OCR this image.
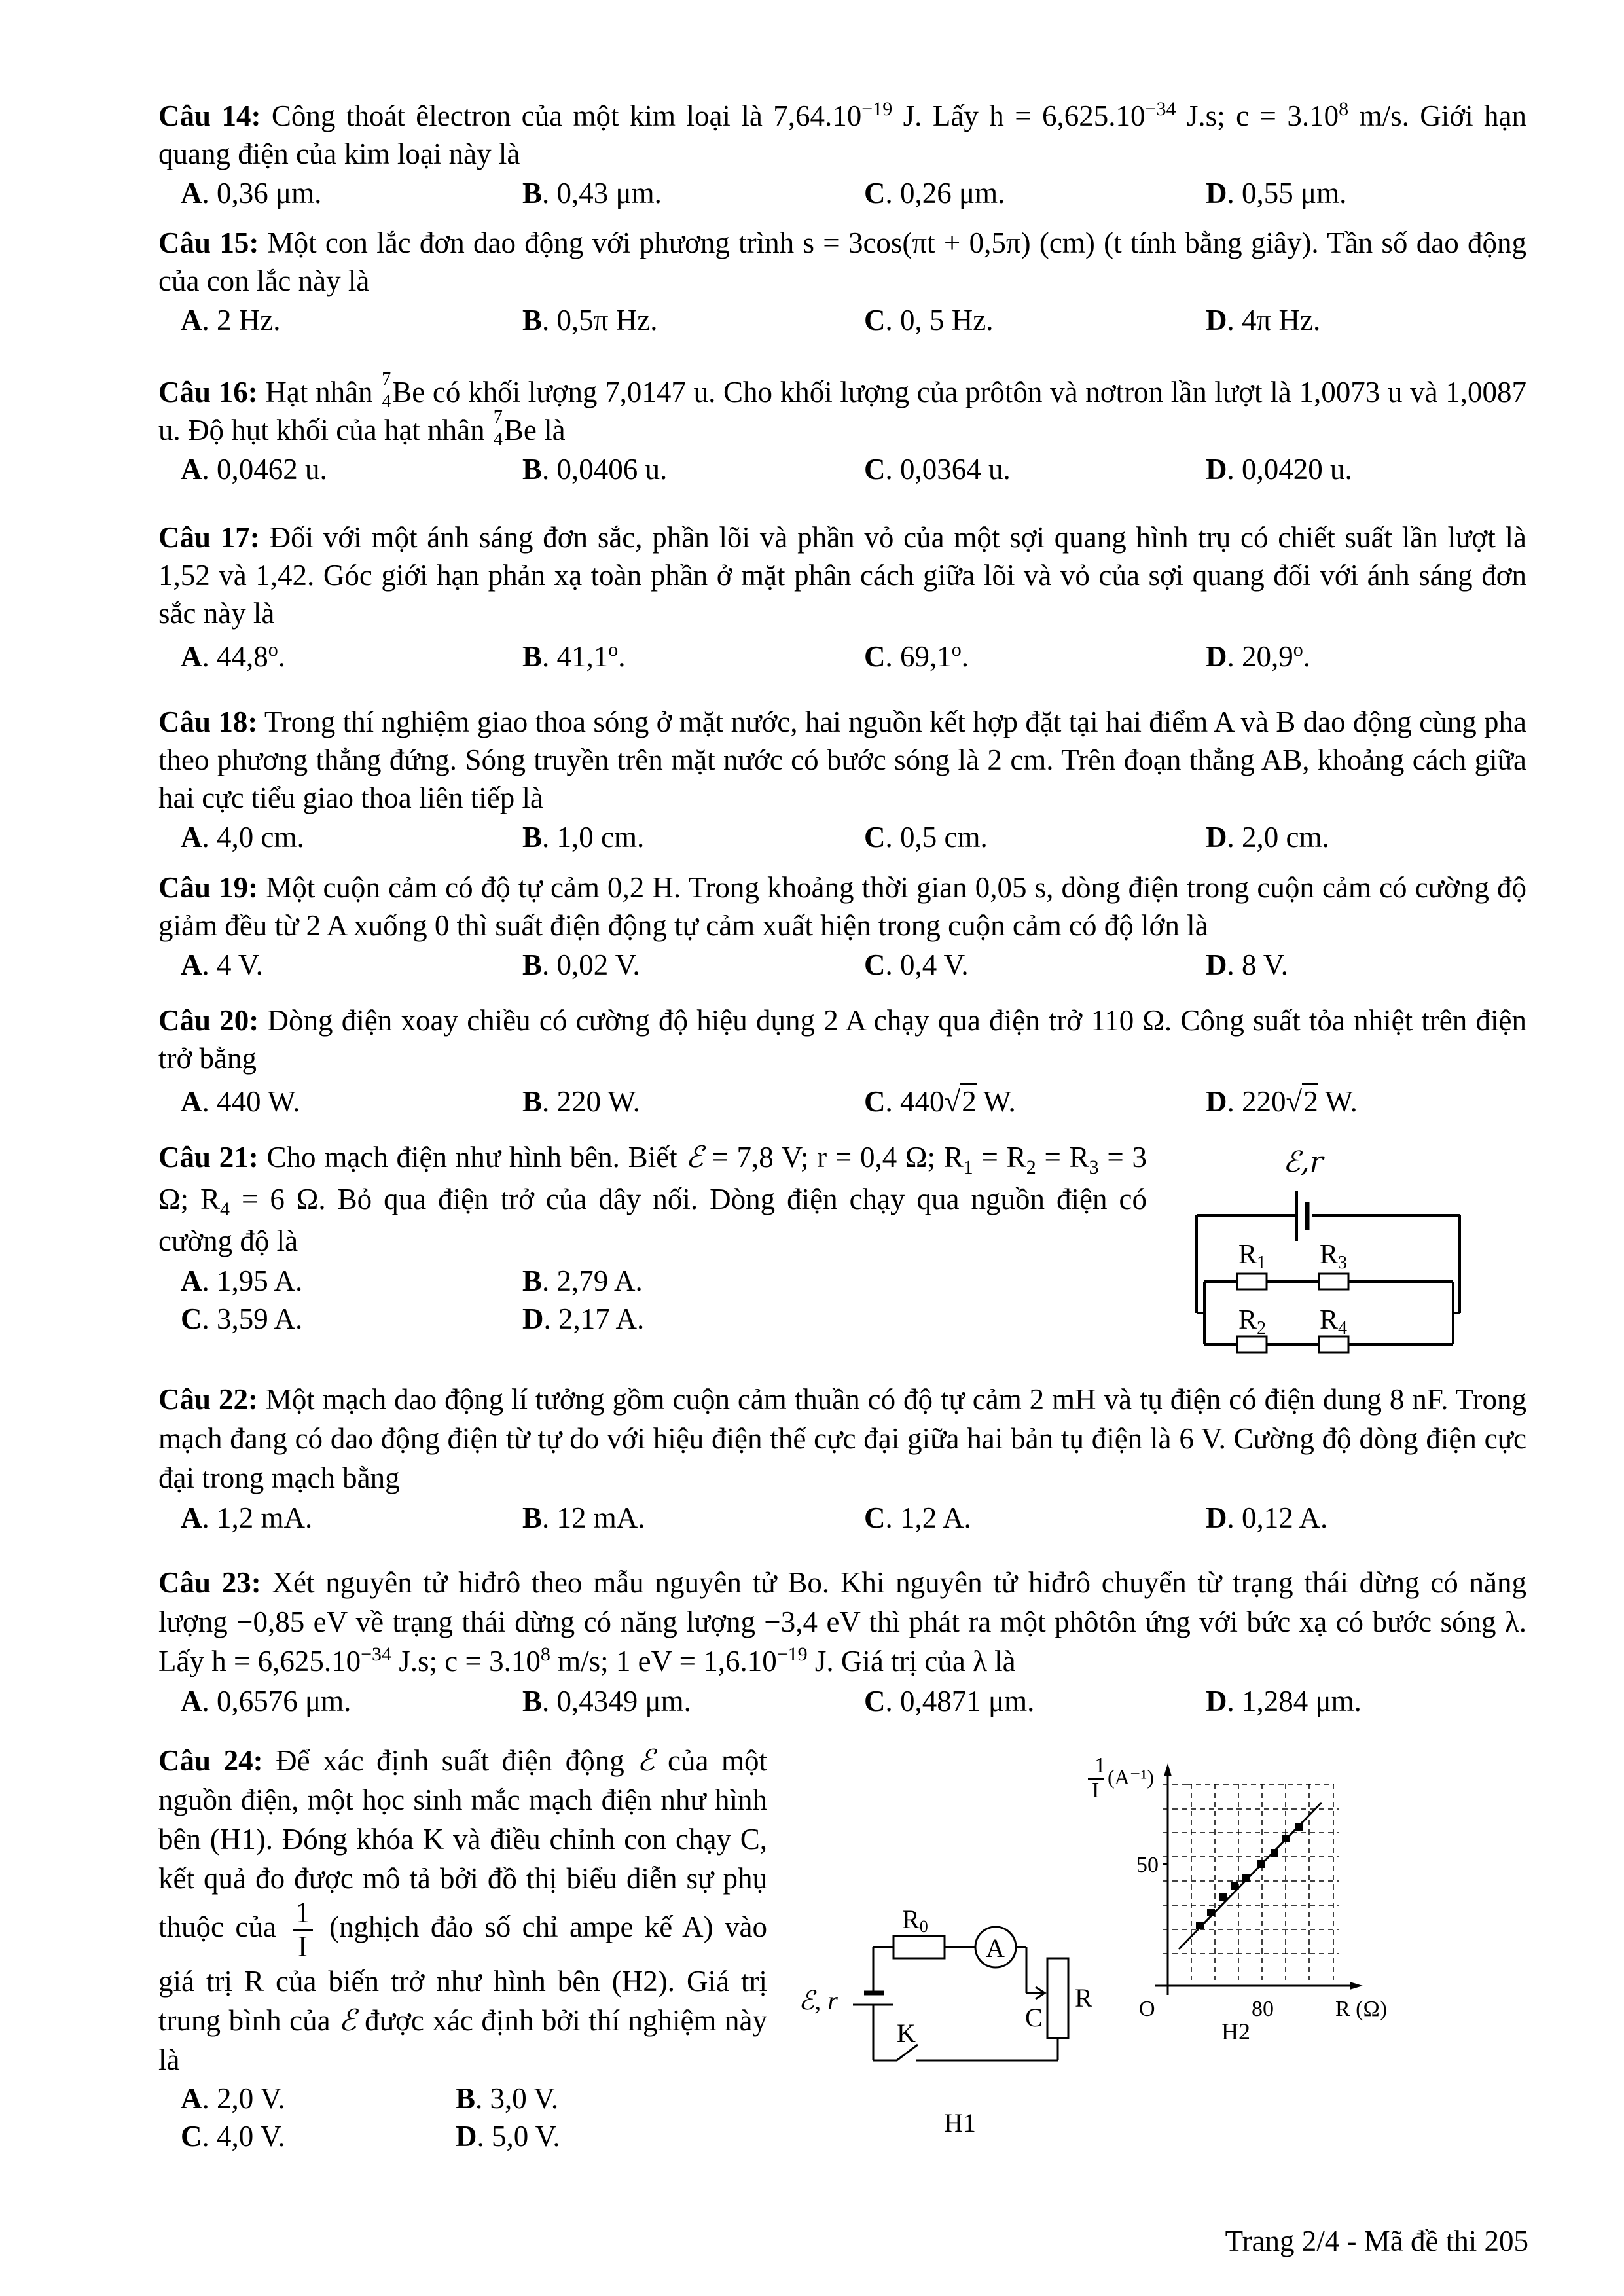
Câu 14: Công thoát êlectron của một kim loại là $7,64.10^{-19}$ J. Lấy $h = 6,625.10^{-34}$ J.s; $c = 3.10^8$ m/s. Giới hạn quang điện của kim loại này là

A. 0,36 μm.	B. 0,43 μm.	C. 0,26 μm.	D. 0,55 μm.

Câu 15: Một con lắc đơn dao động với phương trình s = 3cos(πt + 0,5π) (cm) (t tính bằng giây). Tần số dao động của con lắc này là

A. 2 Hz.	B. 0,5π Hz.	C. 0, 5 Hz.	D. 4π Hz.

Câu 16: Hạt nhân 7
4 Be có khối lượng 7,0147 u. Cho khối lượng của prôtôn và nơtron lần lượt là 1,0073 u và 1,0087 u. Độ hụt khối của hạt nhân 7
4 Be là

A. 0,0462 u.	B. 0,0406 u.	C. 0,0364 u.	D. 0,0420 u.

Câu 17: Đối với một ánh sáng đơn sắc, phần lõi và phần vỏ của một sợi quang hình trụ có chiết suất lần lượt là 1,52 và 1,42. Góc giới hạn phản xạ toàn phần ở mặt phân cách giữa lõi và vỏ của sợi quang đối với ánh sáng đơn sắc này là

A. 44,8$^o$.	B. 41,1$^o$.	C. 69,1$^o$.	D. 20,9$^o$.

Câu 18: Trong thí nghiệm giao thoa sóng ở mặt nước, hai nguồn kết hợp đặt tại hai điểm A và B dao động cùng pha theo phương thẳng đứng. Sóng truyền trên mặt nước có bước sóng là 2 cm. Trên đoạn thẳng AB, khoảng cách giữa hai cực tiểu giao thoa liên tiếp là

A. 4,0 cm.	B. 1,0 cm.	C. 0,5 cm.	D. 2,0 cm.

Câu 19: Một cuộn cảm có độ tự cảm 0,2 H. Trong khoảng thời gian 0,05 s, dòng điện trong cuộn cảm có cường độ giảm đều từ 2 A xuống 0 thì suất điện động tự cảm xuất hiện trong cuộn cảm có độ lớn là

A. 4 V.	B. 0,02 V.	C. 0,4 V.	D. 8 V.

Câu 20: Dòng điện xoay chiều có cường độ hiệu dụng 2 A chạy qua điện trở 110 Ω. Công suất tỏa nhiệt trên điện trở bằng

A. 440 W.	B. 220 W.	C. 440√2 W.	D. 220√2 W.

Câu 21: Cho mạch điện như hình bên. Biết ℰ = 7,8 V; r = 0,4 Ω; $R_1 = R_2 = R_3 = 3$ Ω; $R_4 = 6$ Ω. Bỏ qua điện trở của dây nối. Dòng điện chạy qua nguồn điện có cường độ là

A. 1,95 A.	B. 2,79 A.
C. 3,59 A.	D. 2,17 A.
ℰ,r
R1 R3
R2 R4

Câu 22: Một mạch dao động lí tưởng gồm cuộn cảm thuần có độ tự cảm 2 mH và tụ điện có điện dung 8 nF. Trong mạch đang có dao động điện từ tự do với hiệu điện thế cực đại giữa hai bản tụ điện là 6 V. Cường độ dòng điện cực đại trong mạch bằng

A. 1,2 mA.	B. 12 mA.	C. 1,2 A.	D. 0,12 A.

Câu 23: Xét nguyên tử hiđrô theo mẫu nguyên tử Bo. Khi nguyên tử hiđrô chuyển từ trạng thái dừng có năng lượng −0,85 eV về trạng thái dừng có năng lượng −3,4 eV thì phát ra một phôtôn ứng với bức xạ có bước sóng λ. Lấy $h = 6,625.10^{-34}$ J.s; $c = 3.10^8$ m/s; 1 eV = $1,6.10^{-19}$ J. Giá trị của λ là

A. 0,6576 μm.	B. 0,4349 μm.	C. 0,4871 μm.	D. 1,284 μm.

Câu 24: Để xác định suất điện động ℰ của một nguồn điện, một học sinh mắc mạch điện như hình bên (H1). Đóng khóa K và điều chỉnh con chạy C, kết quả đo được mô tả bởi đồ thị biểu diễn sự phụ thuộc của $\frac{1}{I}$ (nghịch đảo số chỉ ampe kế A) vào giá trị R của biến trở như hình bên (H2). Giá trị trung bình của ℰ được xác định bởi thí nghiệm này là

A. 2,0 V.	B. 3,0 V.
C. 4,0 V.	D. 5,0 V.
R0
A
ℰ, r
C
R
K
H1
1
I
(A⁻¹)
50
O	80	R (Ω)
H2
Trang 2/4 - Mã đề thi 205
